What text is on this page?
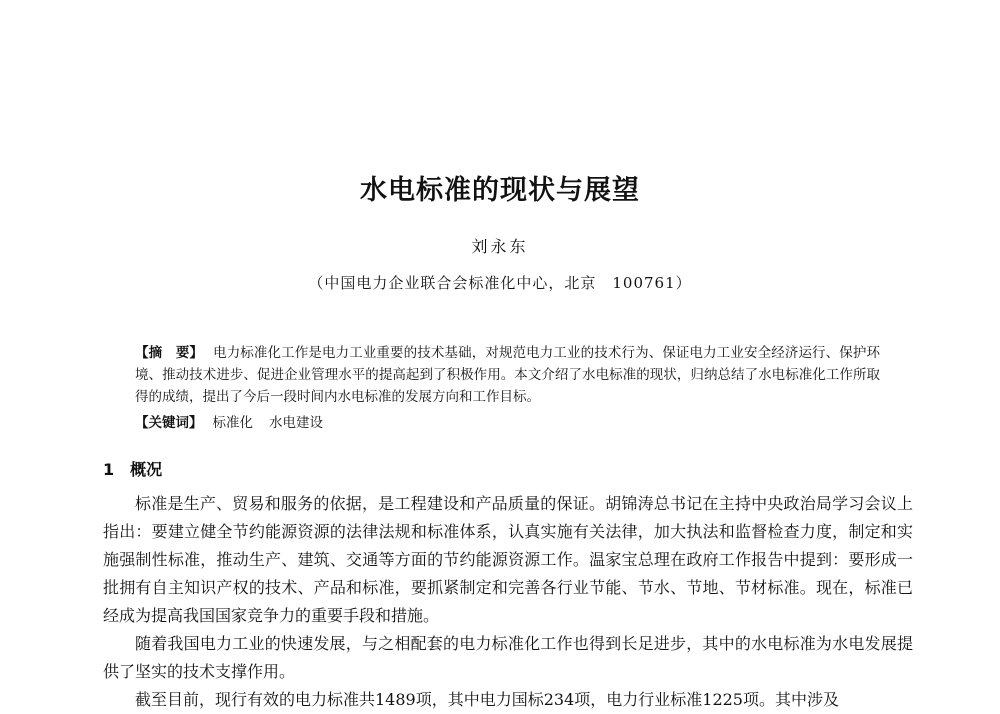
水电标准的现状与展望
刘永东
（中国电力企业联合会标准化中心，北京　100761）

【摘　要】 电力标准化工作是电力工业重要的技术基础，对规范电力工业的技术行为、保证电力工业安全经济运行、保护环境、推动技术进步、促进企业管理水平的提高起到了积极作用。本文介绍了水电标准的现状，归纳总结了水电标准化工作所取得的成绩，提出了今后一段时间内水电标准的发展方向和工作目标。

【关键词】 标准化 水电建设

1 概况

标准是生产、贸易和服务的依据，是工程建设和产品质量的保证。胡锦涛总书记在主持中央政治局学习会议上指出：要建立健全节约能源资源的法律法规和标准体系，认真实施有关法律，加大执法和监督检查力度，制定和实施强制性标准，推动生产、建筑、交通等方面的节约能源资源工作。温家宝总理在政府工作报告中提到：要形成一批拥有自主知识产权的技术、产品和标准，要抓紧制定和完善各行业节能、节水、节地、节材标准。现在，标准已经成为提高我国国家竞争力的重要手段和措施。

随着我国电力工业的快速发展，与之相配套的电力标准化工作也得到长足进步，其中的水电标准为水电发展提供了坚实的技术支撑作用。

截至目前，现行有效的电力标准共1489项，其中电力国标234项，电力行业标准1225项。其中涉及
